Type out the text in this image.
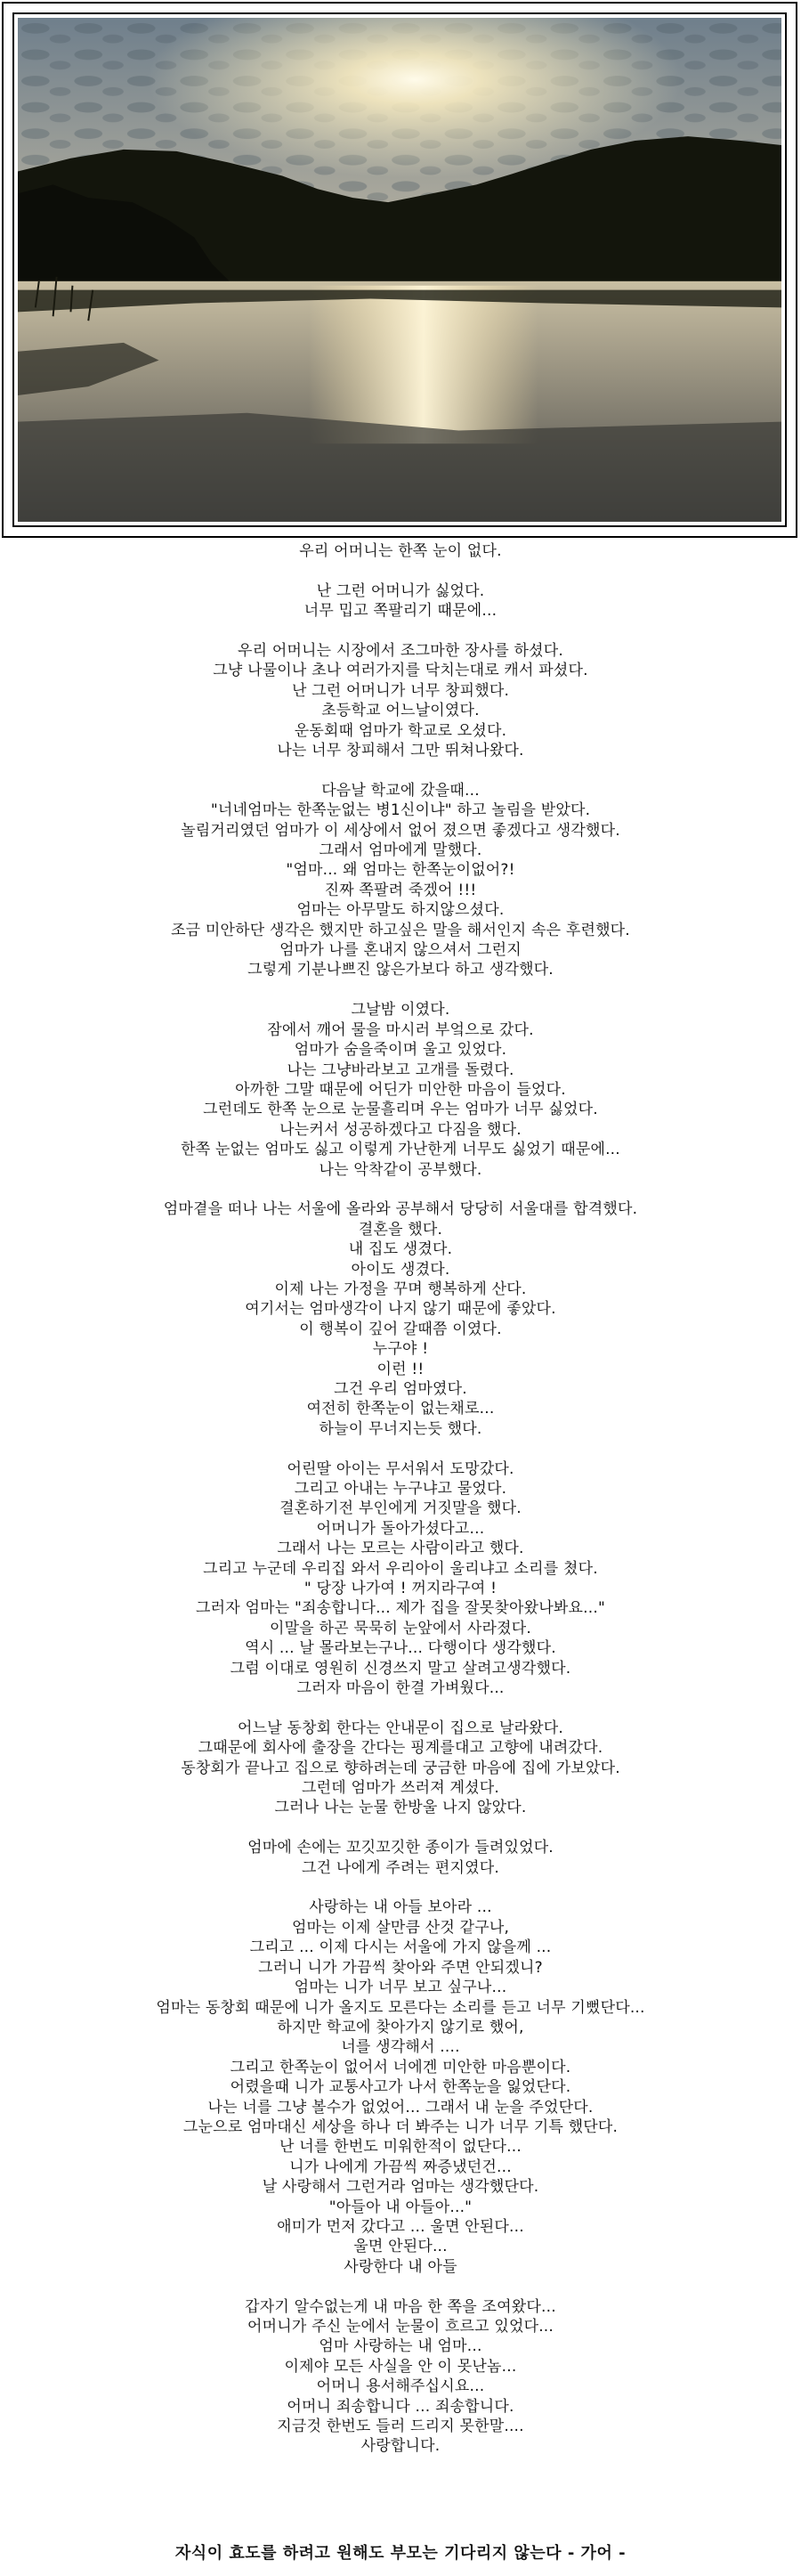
우리 어머니는 한쪽 눈이 없다.
난 그런 어머니가 싫었다.
너무 밉고 쪽팔리기 때문에...
우리 어머니는 시장에서 조그마한 장사를 하셨다.
그냥 나물이나 초나 여러가지를 닥치는대로 캐서 파셨다.
난 그런 어머니가 너무 창피했다.
초등학교 어느날이였다.
운동회때 엄마가 학교로 오셨다.
나는 너무 창피해서 그만 뛰쳐나왔다.
다음날 학교에 갔을때...
"너네엄마는 한쪽눈없는 병1신이냐" 하고 놀림을 받았다.
놀림거리였던 엄마가 이 세상에서 없어 졌으면 좋겠다고 생각했다.
그래서 엄마에게 말했다.
"엄마... 왜 엄마는 한쪽눈이없어?!
진짜 쪽팔려 죽겠어 !!!
엄마는 아무말도 하지않으셨다.
조금 미안하단 생각은 했지만 하고싶은 말을 해서인지 속은 후련했다.
엄마가 나를 혼내지 않으셔서 그런지
그렇게 기분나쁘진 않은가보다 하고 생각했다.
그날밤 이였다.
잠에서 깨어 물을 마시러 부엌으로 갔다.
엄마가 숨을죽이며 울고 있었다.
나는 그냥바라보고 고개를 돌렸다.
아까한 그말 때문에 어딘가 미안한 마음이 들었다.
그런데도 한쪽 눈으로 눈물흘리며 우는 엄마가 너무 싫었다.
나는커서 성공하겠다고 다짐을 했다.
한쪽 눈없는 엄마도 싫고 이렇게 가난한게 너무도 싫었기 때문에...
나는 악착같이 공부했다.
엄마곁을 떠나 나는 서울에 올라와 공부해서 당당히 서울대를 합격했다.
결혼을 했다.
내 집도 생겼다.
아이도 생겼다.
이제 나는 가정을 꾸며 행복하게 산다.
여기서는 엄마생각이 나지 않기 때문에 좋았다.
이 행복이 깊어 갈때쯤 이였다.
누구야 !
이런 !!
그건 우리 엄마였다.
여전히 한쪽눈이 없는채로...
하늘이 무너지는듯 했다.
어린딸 아이는 무서워서 도망갔다.
그리고 아내는 누구냐고 물었다.
결혼하기전 부인에게 거짓말을 했다.
어머니가 돌아가셨다고...
그래서 나는 모르는 사람이라고 했다.
그리고 누군데 우리집 와서 우리아이 울리냐고 소리를 쳤다.
" 당장 나가여 ! 꺼지라구여 !
그러자 엄마는 "죄송합니다... 제가 집을 잘못찾아왔나봐요..."
이말을 하곤 묵묵히 눈앞에서 사라졌다.
역시 ... 날 몰라보는구나... 다행이다 생각했다.
그럼 이대로 영원히 신경쓰지 말고 살려고생각했다.
그러자 마음이 한결 가벼웠다...
어느날 동창회 한다는 안내문이 집으로 날라왔다.
그때문에 회사에 출장을 간다는 핑계를대고 고향에 내려갔다.
동창회가 끝나고 집으로 향하려는데 궁금한 마음에 집에 가보았다.
그런데 엄마가 쓰러져 계셨다.
그러나 나는 눈물 한방울 나지 않았다.
엄마에 손에는 꼬깃꼬깃한 종이가 들려있었다.
그건 나에게 주려는 편지였다.
사랑하는 내 아들 보아라 ...
엄마는 이제 살만큼 산것 같구나,
그리고 ... 이제 다시는 서울에 가지 않을께 ...
그러니 니가 가끔씩 찾아와 주면 안되겠니?
엄마는 니가 너무 보고 싶구나...
엄마는 동창회 때문에 니가 올지도 모른다는 소리를 듣고 너무 기뻤단다...
하지만 학교에 찾아가지 않기로 했어,
너를 생각해서 ....
그리고 한쪽눈이 없어서 너에겐 미안한 마음뿐이다.
어렸을때 니가 교통사고가 나서 한쪽눈을 잃었단다.
나는 너를 그냥 볼수가 없었어... 그래서 내 눈을 주었단다.
그눈으로 엄마대신 세상을 하나 더 봐주는 니가 너무 기특 했단다.
난 너를 한번도 미워한적이 없단다...
니가 나에게 가끔씩 짜증냈던건...
날 사랑해서 그런거라 엄마는 생각했단다.
"아들아 내 아들아..."
애미가 먼저 갔다고 ... 울면 안된다...
울면 안된다...
사랑한다 내 아들
갑자기 알수없는게 내 마음 한 쪽을 조여왔다...
어머니가 주신 눈에서 눈물이 흐르고 있었다...
엄마 사랑하는 내 엄마...
이제야 모든 사실을 안 이 못난놈...
어머니 용서해주십시요...
어머니 죄송합니다 ... 죄송합니다.
지금것 한번도 들러 드리지 못한말....
사랑합니다.
자식이 효도를 하려고 원해도 부모는 기다리지 않는다 - 가어 -
